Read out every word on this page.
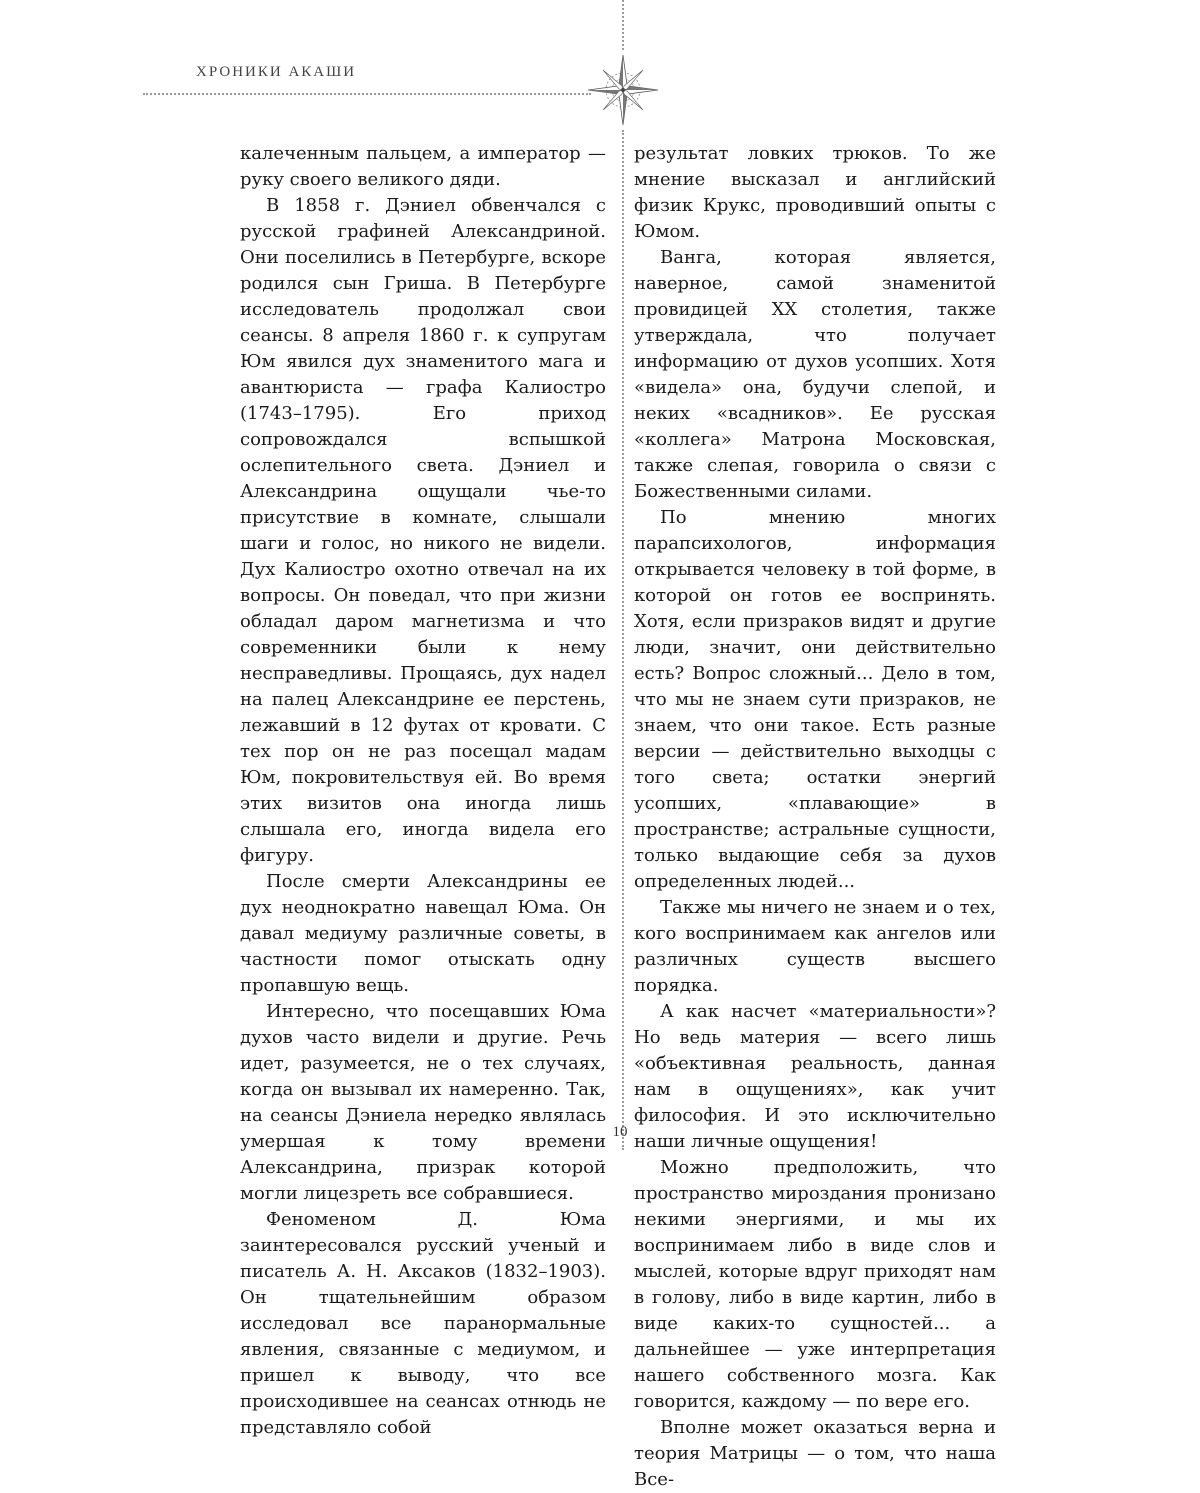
ХРОНИКИ АКАШИ

калеченным пальцем, а император — руку своего великого дяди.

В 1858 г. Дэниел обвенчался с русской графиней Александриной. Они поселились в Петербурге, вскоре родился сын Гриша. В Петербурге исследователь продолжал свои сеансы. 8 апреля 1860 г. к супругам Юм явился дух знаменитого мага и авантюриста — графа Калиостро (1743–1795). Его приход сопровождался вспышкой ослепительного света. Дэниел и Александрина ощущали чье-то присутствие в комнате, слышали шаги и голос, но никого не видели. Дух Калиостро охотно отвечал на их вопросы. Он поведал, что при жизни обладал даром магнетизма и что современники были к нему несправедливы. Прощаясь, дух надел на палец Александрине ее перстень, лежавший в 12 футах от кровати. С тех пор он не раз посещал мадам Юм, покровительствуя ей. Во время этих визитов она иногда лишь слышала его, иногда видела его фигуру.

После смерти Александрины ее дух неоднократно навещал Юма. Он давал медиуму различные советы, в частности помог отыскать одну пропавшую вещь.

Интересно, что посещавших Юма духов часто видели и другие. Речь идет, разумеется, не о тех случаях, когда он вызывал их намеренно. Так, на сеансы Дэниела нередко являлась умершая к тому времени Александрина, призрак которой могли лицезреть все собравшиеся.

Феноменом Д. Юма заинтересовался русский ученый и писатель А. Н. Аксаков (1832–1903). Он тщательнейшим образом исследовал все паранормальные явления, связанные с медиумом, и пришел к выводу, что все происходившее на сеансах отнюдь не представляло собой

результат ловких трюков. То же мнение высказал и английский физик Крукс, проводивший опыты с Юмом.

Ванга, которая является, наверное, самой знаменитой провидицей XX столетия, также утверждала, что получает информацию от духов усопших. Хотя «видела» она, будучи слепой, и неких «всадников». Ее русская «коллега» Матрона Московская, также слепая, говорила о связи с Божественными силами.

По мнению многих парапсихологов, информация открывается человеку в той форме, в которой он готов ее воспринять. Хотя, если призраков видят и другие люди, значит, они действительно есть? Вопрос сложный... Дело в том, что мы не знаем сути призраков, не знаем, что они такое. Есть разные версии — действительно выходцы с того света; остатки энергий усопших, «плавающие» в пространстве; астральные сущности, только выдающие себя за духов определенных людей...

Также мы ничего не знаем и о тех, кого воспринимаем как ангелов или различных существ высшего порядка.

А как насчет «материальности»? Но ведь материя — всего лишь «объективная реальность, данная нам в ощущениях», как учит философия. И это исключительно наши личные ощущения!

Можно предположить, что пространство мироздания пронизано некими энергиями, и мы их воспринимаем либо в виде слов и мыслей, которые вдруг приходят нам в голову, либо в виде картин, либо в виде каких-то сущностей... а дальнейшее — уже интерпретация нашего собственного мозга. Как говорится, каждому — по вере его.

Вполне может оказаться верна и теория Матрицы — о том, что наша Все-

10
